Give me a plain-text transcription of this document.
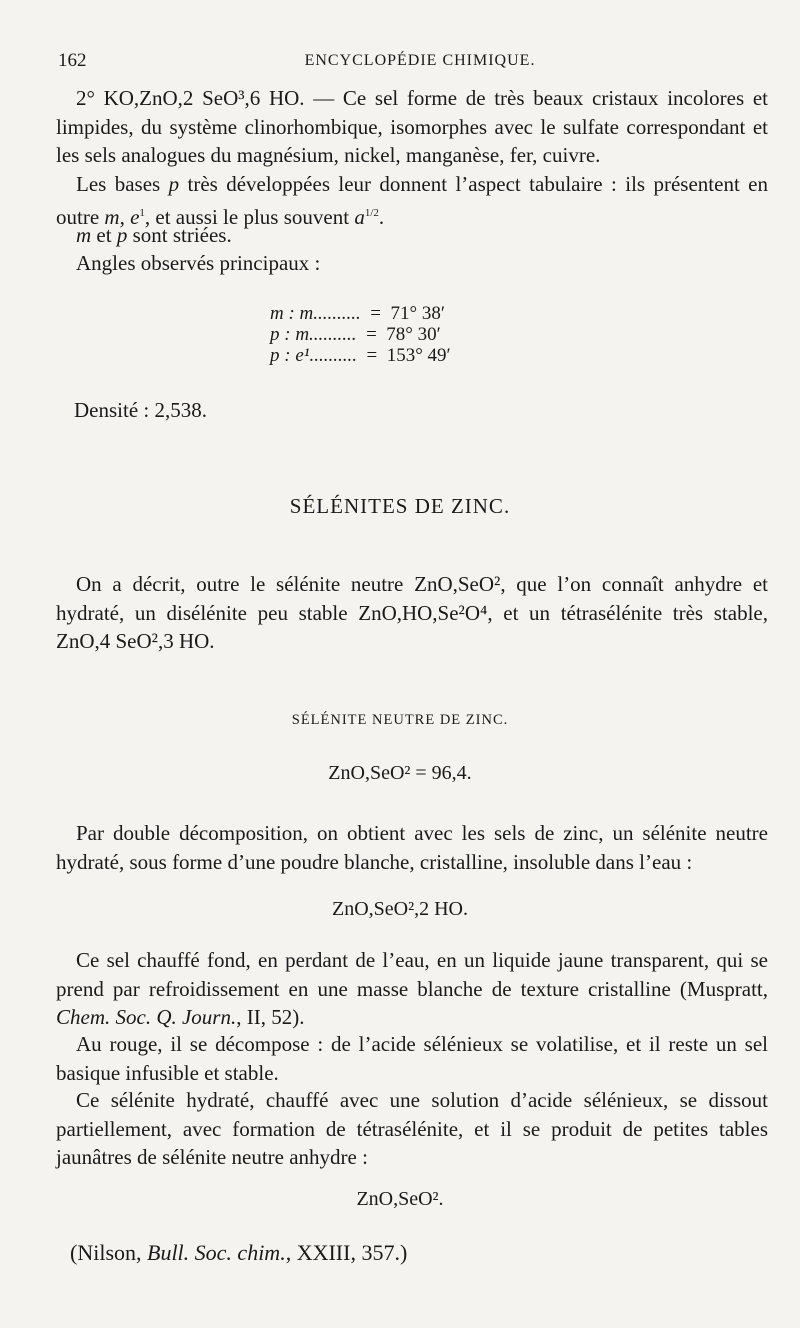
162	ENCYCLOPÉDIE CHIMIQUE.

2° KO,ZnO,2 SeO³,6 HO. — Ce sel forme de très beaux cristaux incolores et limpides, du système clinorhombique, isomorphes avec le sulfate correspondant et les sels analogues du magnésium, nickel, manganèse, fer, cuivre.

Les bases p très développées leur donnent l’aspect tabulaire : ils présentent en outre m, $e^1$, et aussi le plus souvent $a^{1/2}$.

m et p sont striées.

Angles observés principaux :

m : m.......... = 71° 38′
p : m.......... = 78° 30′
p : e¹.......... = 153° 49′

Densité : 2,538.

SÉLÉNITES DE ZINC.

On a décrit, outre le sélénite neutre ZnO,SeO², que l’on connaît anhydre et hydraté, un disélénite peu stable ZnO,HO,Se²O⁴, et un tétrasélénite très stable, ZnO,4 SeO²,3 HO.

SÉLÉNITE NEUTRE DE ZINC.
ZnO,SeO² = 96,4.

Par double décomposition, on obtient avec les sels de zinc, un sélénite neutre hydraté, sous forme d’une poudre blanche, cristalline, insoluble dans l’eau :

ZnO,SeO²,2 HO.

Ce sel chauffé fond, en perdant de l’eau, en un liquide jaune transparent, qui se prend par refroidissement en une masse blanche de texture cristalline (Muspratt, Chem. Soc. Q. Journ., II, 52).

Au rouge, il se décompose : de l’acide sélénieux se volatilise, et il reste un sel basique infusible et stable.

Ce sélénite hydraté, chauffé avec une solution d’acide sélénieux, se dissout partiellement, avec formation de tétrasélénite, et il se produit de petites tables jaunâtres de sélénite neutre anhydre :

ZnO,SeO².
(Nilson, Bull. Soc. chim., XXIII, 357.)
